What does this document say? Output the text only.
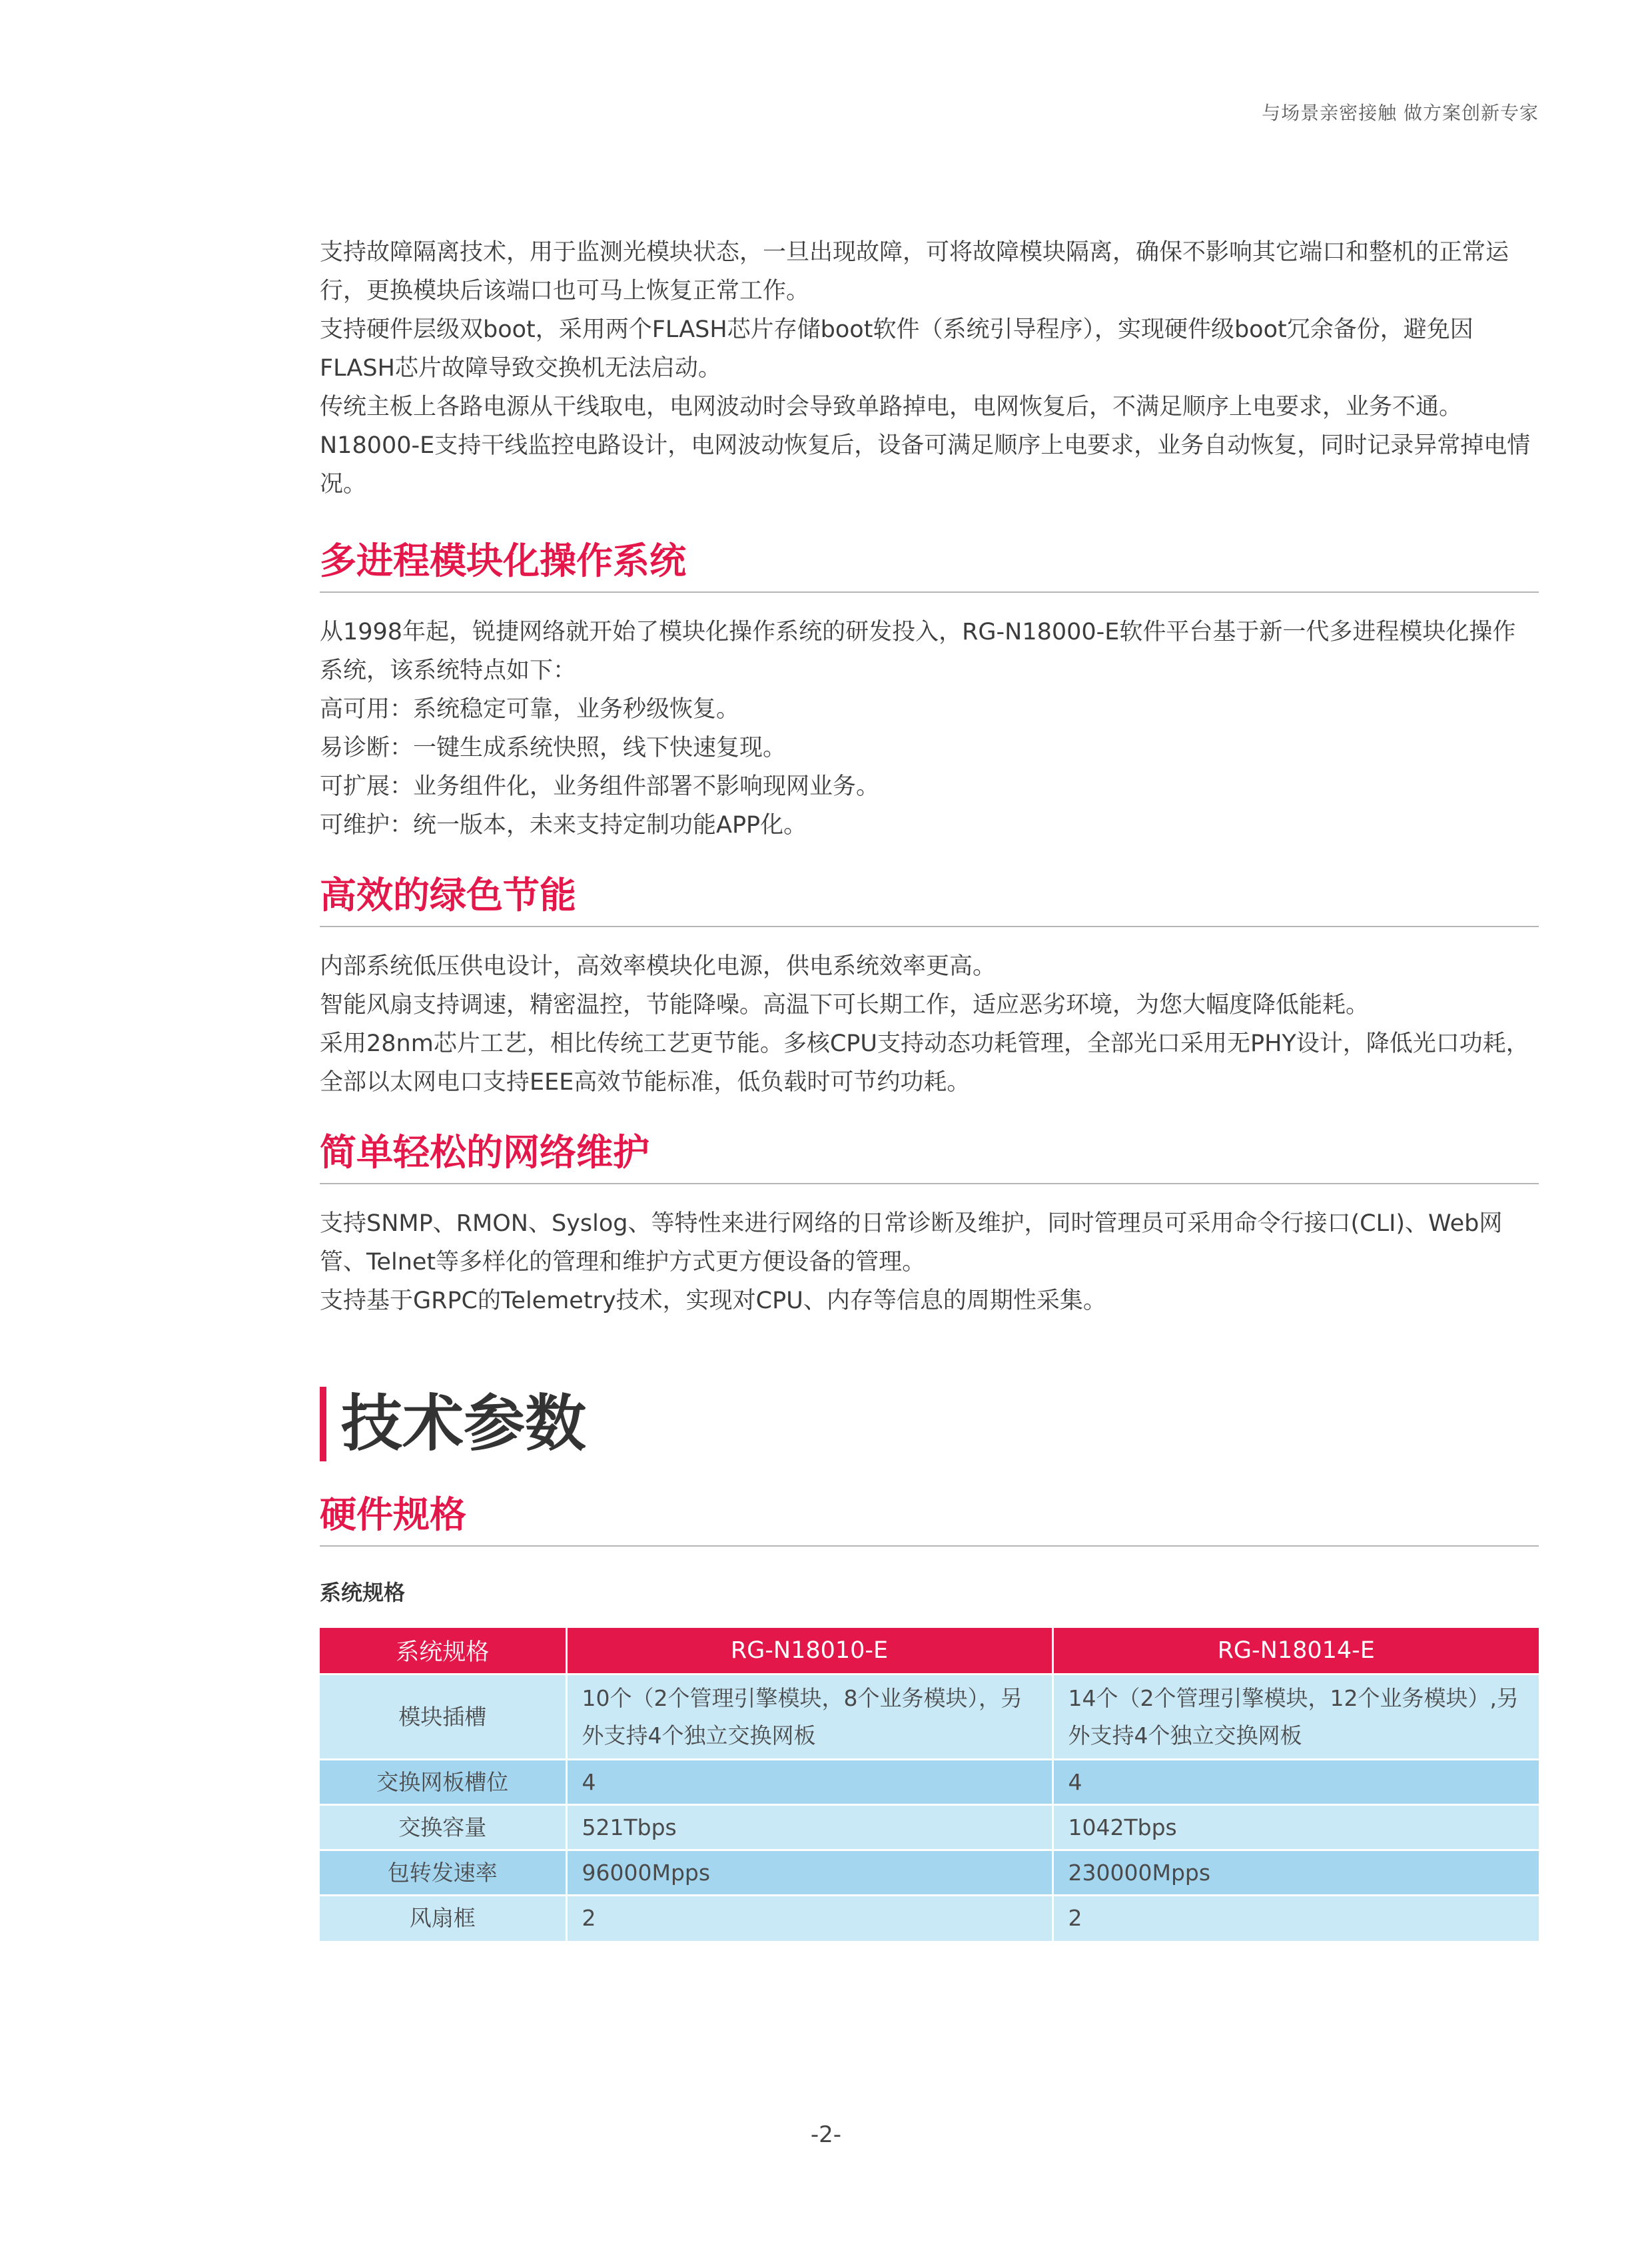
与场景亲密接触 做方案创新专家

支持故障隔离技术，用于监测光模块状态，一旦出现故障，可将故障模块隔离，确保不影响其它端口和整机的正常运行，更换模块后该端口也可马上恢复正常工作。

支持硬件层级双boot，采用两个FLASH芯片存储boot软件（系统引导程序），实现硬件级boot冗余备份，避免因FLASH芯片故障导致交换机无法启动。

传统主板上各路电源从干线取电，电网波动时会导致单路掉电，电网恢复后，不满足顺序上电要求，业务不通。N18000-E支持干线监控电路设计，电网波动恢复后，设备可满足顺序上电要求，业务自动恢复，同时记录异常掉电情况。

多进程模块化操作系统

从1998年起，锐捷网络就开始了模块化操作系统的研发投入，RG-N18000-E软件平台基于新一代多进程模块化操作系统，该系统特点如下：

高可用：系统稳定可靠，业务秒级恢复。

易诊断：一键生成系统快照，线下快速复现。

可扩展：业务组件化，业务组件部署不影响现网业务。

可维护：统一版本，未来支持定制功能APP化。

高效的绿色节能

内部系统低压供电设计，高效率模块化电源，供电系统效率更高。

智能风扇支持调速，精密温控，节能降噪。高温下可长期工作，适应恶劣环境，为您大幅度降低能耗。

采用28nm芯片工艺，相比传统工艺更节能。多核CPU支持动态功耗管理，全部光口采用无PHY设计，降低光口功耗，全部以太网电口支持EEE高效节能标准，低负载时可节约功耗。

简单轻松的网络维护

支持SNMP、RMON、Syslog、等特性来进行网络的日常诊断及维护，同时管理员可采用命令行接口(CLI)、Web网管、Telnet等多样化的管理和维护方式更方便设备的管理。

支持基于GRPC的Telemetry技术，实现对CPU、内存等信息的周期性采集。

技术参数
硬件规格

系统规格

系统规格	RG-N18010-E	RG-N18014-E
模块插槽	10个（2个管理引擎模块，8个业务模块），另外支持4个独立交换网板	14个（2个管理引擎模块，12个业务模块）,另外支持4个独立交换网板
交换网板槽位	4	4
交换容量	521Tbps	1042Tbps
包转发速率	96000Mpps	230000Mpps
风扇框	2	2
-2-
